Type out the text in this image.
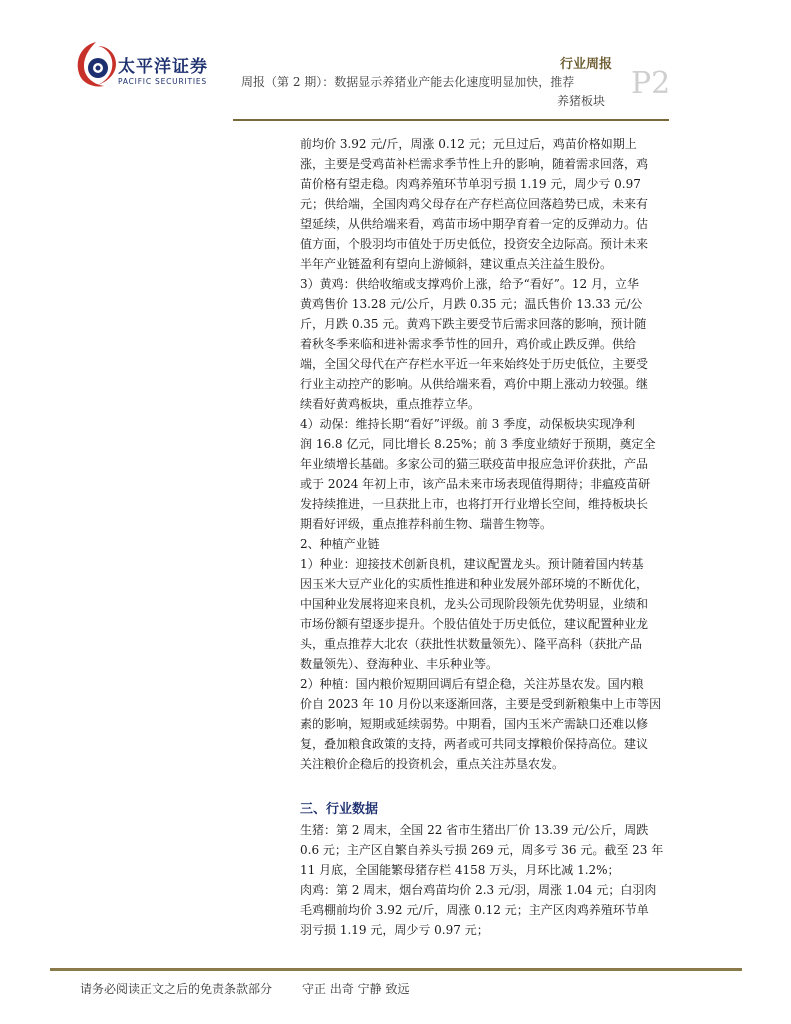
太平洋证券
PACIFIC SECURITIES	周报（第 2 期）：数据显示养猪业产能去化速度明显加快，推荐
养猪板块
行业周报
P2
前均价 3.92 元/斤，周涨 0.12 元；元旦过后，鸡苗价格如期上
涨，主要是受鸡苗补栏需求季节性上升的影响，随着需求回落，鸡
苗价格有望走稳。肉鸡养殖环节单羽亏损 1.19 元，周少亏 0.97
元；供给端，全国肉鸡父母存在产存栏高位回落趋势已成，未来有
望延续，从供给端来看，鸡苗市场中期孕育着一定的反弹动力。估
值方面，个股羽均市值处于历史低位，投资安全边际高。预计未来
半年产业链盈利有望向上游倾斜，建议重点关注益生股份。
3）黄鸡：供给收缩或支撑鸡价上涨，给予“看好”。12 月，立华
黄鸡售价 13.28 元/公斤，月跌 0.35 元；温氏售价 13.33 元/公
斤，月跌 0.35 元。黄鸡下跌主要受节后需求回落的影响，预计随
着秋冬季来临和进补需求季节性的回升，鸡价或止跌反弹。供给
端，全国父母代在产存栏水平近一年来始终处于历史低位，主要受
行业主动控产的影响。从供给端来看，鸡价中期上涨动力较强。继
续看好黄鸡板块，重点推荐立华。
4）动保：维持长期“看好”评级。前 3 季度，动保板块实现净利
润 16.8 亿元，同比增长 8.25%；前 3 季度业绩好于预期，奠定全
年业绩增长基础。多家公司的猫三联疫苗申报应急评价获批，产品
或于 2024 年初上市，该产品未来市场表现值得期待；非瘟疫苗研
发持续推进，一旦获批上市，也将打开行业增长空间，维持板块长
期看好评级，重点推荐科前生物、瑞普生物等。
2、种植产业链
1）种业：迎接技术创新良机，建议配置龙头。预计随着国内转基
因玉米大豆产业化的实质性推进和种业发展外部环境的不断优化，
中国种业发展将迎来良机，龙头公司现阶段领先优势明显，业绩和
市场份额有望逐步提升。个股估值处于历史低位，建议配置种业龙
头，重点推荐大北农（获批性状数量领先）、隆平高科（获批产品
数量领先）、登海种业、丰乐种业等。
2）种植：国内粮价短期回调后有望企稳，关注苏垦农发。国内粮
价自 2023 年 10 月份以来逐渐回落，主要是受到新粮集中上市等因
素的影响，短期或延续弱势。中期看，国内玉米产需缺口还难以修
复，叠加粮食政策的支持，两者或可共同支撑粮价保持高位。建议
关注粮价企稳后的投资机会，重点关注苏垦农发。
三、行业数据
生猪：第 2 周末，全国 22 省市生猪出厂价 13.39 元/公斤，周跌
0.6 元；主产区自繁自养头亏损 269 元，周多亏 36 元。截至 23 年
11 月底，全国能繁母猪存栏 4158 万头，月环比减 1.2%；
肉鸡：第 2 周末，烟台鸡苗均价 2.3 元/羽，周涨 1.04 元；白羽肉
毛鸡棚前均价 3.92 元/斤，周涨 0.12 元；主产区肉鸡养殖环节单
羽亏损 1.19 元，周少亏 0.97 元；
请务必阅读正文之后的免责条款部分 守正 出奇 宁静 致远
